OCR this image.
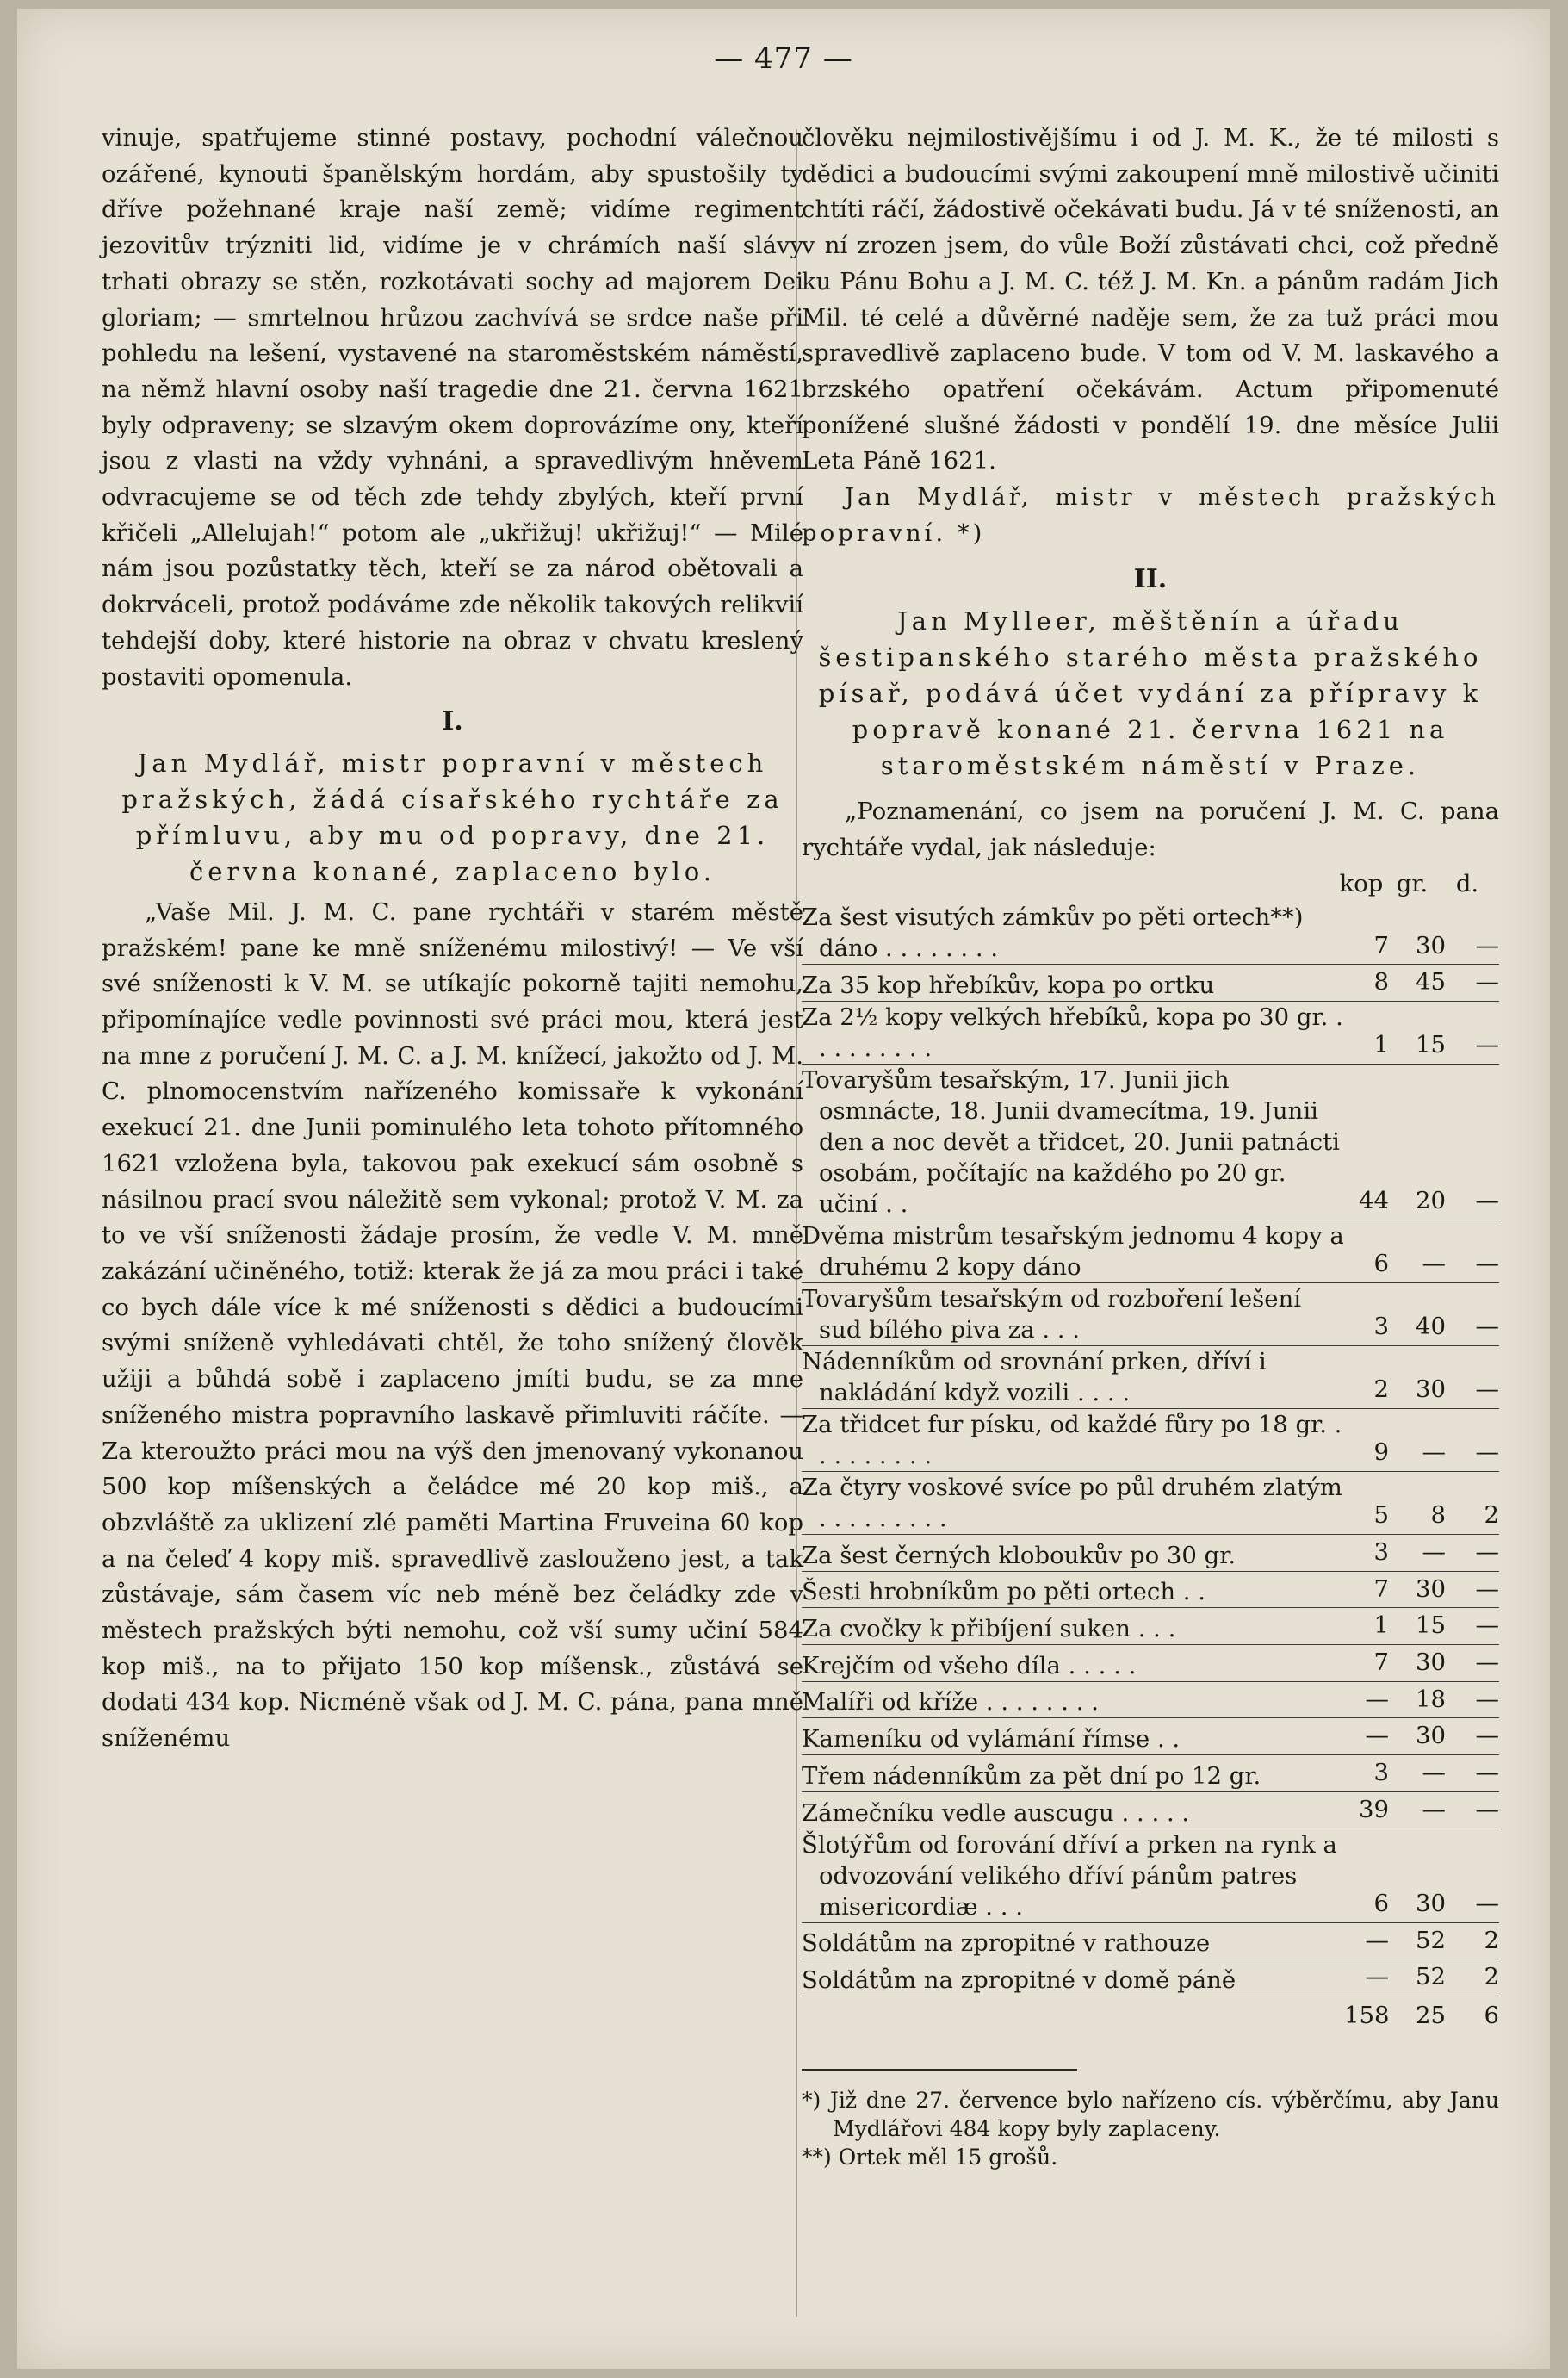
— 477 —

vinuje, spatřujeme stinné postavy, pochodní válečnou ozářené, kynouti španělským hordám, aby spustošily ty dříve požehnané kraje naší země; vidíme regiment jezovitův trýzniti lid, vidíme je v chrámích naší slávy trhati obrazy se stěn, rozkotávati sochy ad majorem Dei gloriam; — smrtelnou hrůzou zachvívá se srdce naše při pohledu na lešení, vystavené na staroměstském náměstí, na němž hlavní osoby naší tragedie dne 21. června 1621 byly odpraveny; se slzavým okem doprovázíme ony, kteří jsou z vlasti na vždy vyhnáni, a spravedlivým hněvem odvracujeme se od těch zde tehdy zbylých, kteří první křičeli „Allelujah!“ potom ale „ukřižuj! ukřižuj!“ — Milé nám jsou pozůstatky těch, kteří se za národ obětovali a dokrváceli, protož podáváme zde několik takových relikvií tehdejší doby, které historie na obraz v chvatu kreslený postaviti opomenula.

I.
Jan Mydlář, mistr popravní v městech pražských, žádá císařského rychtáře za přímluvu, aby mu od popravy, dne 21. června konané, zaplaceno bylo.

„Vaše Mil. J. M. C. pane rychtáři v starém městě pražském! pane ke mně sníženému milostivý! — Ve vší své sníženosti k V. M. se utíkajíc pokorně tajiti nemohu, připomínajíce vedle povinnosti své práci mou, která jest na mne z poručení J. M. C. a J. M. knížecí, jakožto od J. M. C. plnomocenstvím nařízeného komissaře k vykonání exekucí 21. dne Junii pominulého leta tohoto přítomného 1621 vzložena byla, takovou pak exekucí sám osobně s násilnou prací svou náležitě sem vykonal; protož V. M. za to ve vší sníženosti žádaje prosím, že vedle V. M. mně zakázání učiněného, totiž: kterak že já za mou práci i také co bych dále více k mé sníženosti s dědici a budoucími svými sníženě vyhledávati chtěl, že toho snížený člověk užiji a bůhdá sobě i zaplaceno jmíti budu, se za mne sníženého mistra popravního laskavě přimluviti ráčíte. — Za kteroužto práci mou na výš den jmenovaný vykonanou 500 kop míšenských a čeládce mé 20 kop miš., a obzvláště za uklizení zlé paměti Martina Fruveina 60 kop a na čeleď 4 kopy miš. spravedlivě zaslouženo jest, a tak zůstávaje, sám časem víc neb méně bez čeládky zde v městech pražských býti nemohu, což vší sumy učiní 584 kop miš., na to přijato 150 kop míšensk., zůstává se dodati 434 kop. Nicméně však od J. M. C. pána, pana mně sníženému

člověku nejmilostivějšímu i od J. M. K., že té milosti s dědici a budoucími svými zakoupení mně milostivě učiniti chtíti ráčí, žádostivě očekávati budu. Já v té sníženosti, an v ní zrozen jsem, do vůle Boží zůstávati chci, což předně ku Pánu Bohu a J. M. C. též J. M. Kn. a pánům radám Jich Mil. té celé a důvěrné naděje sem, že za tuž práci mou spravedlivě zaplaceno bude. V tom od V. M. laskavého a brzského opatření očekávám. Actum připomenuté ponížené slušné žádosti v pondělí 19. dne měsíce Julii Leta Páně 1621.

Jan Mydlář, mistr v městech pražských popravní. *)

II.
Jan Mylleer, měštěnín a úřadu šestipanského starého města pražského písař, podává účet vydání za přípravy k popravě konané 21. června 1621 na staroměstském náměstí v Praze.

„Poznamenání, co jsem na poručení J. M. C. pana rychtáře vydal, jak následuje:

kop gr.	d.
Za šest visutých zámkův po pěti ortech**) dáno . . . . . . . .	7	30	—
Za 35 kop hřebíkův, kopa po ortku	8	45	—
Za 2½ kopy velkých hřebíků, kopa po 30 gr. . . . . . . . . .	1	15	—
Tovaryšům tesařským, 17. Junii jich osmnácte, 18. Junii dvamecítma, 19. Junii den a noc devět a třidcet, 20. Junii patnácti osobám, počítajíc na každého po 20 gr. učiní . .	44	20	—
Dvěma mistrům tesařským jednomu 4 kopy a druhému 2 kopy dáno	6	—	—
Tovaryšům tesařským od rozboření lešení sud bílého piva za . . .	3	40	—
Nádenníkům od srovnání prken, dříví i nakládání když vozili . . . .	2	30	—
Za třidcet fur písku, od každé fůry po 18 gr. . . . . . . . . .	9	—	—
Za čtyry voskové svíce po půl druhém zlatým . . . . . . . . .	5	8	2
Za šest černých kloboukův po 30 gr.	3	—	—
Šesti hrobníkům po pěti ortech . .	7	30	—
Za cvočky k přibíjení suken . . .	1	15	—
Krejčím od všeho díla . . . . .	7	30	—
Malíři od kříže . . . . . . . .	—	18	—
Kameníku od vylámání římse . .	—	30	—
Třem nádenníkům za pět dní po 12 gr.	3	—	—
Zámečníku vedle auscugu . . . . .	39	—	—
Šlotýřům od forování dříví a prken na rynk a odvozování velikého dříví pánům patres misericordiæ . . .	6	30	—
Soldátům na zpropitné v rathouze	—	52	2
Soldátům na zpropitné v domě páně	—	52	2
158	25	6

*) Již dne 27. července bylo nařízeno cís. výběrčímu, aby Janu Mydlářovi 484 kopy byly zaplaceny.

**) Ortek měl 15 grošů.
